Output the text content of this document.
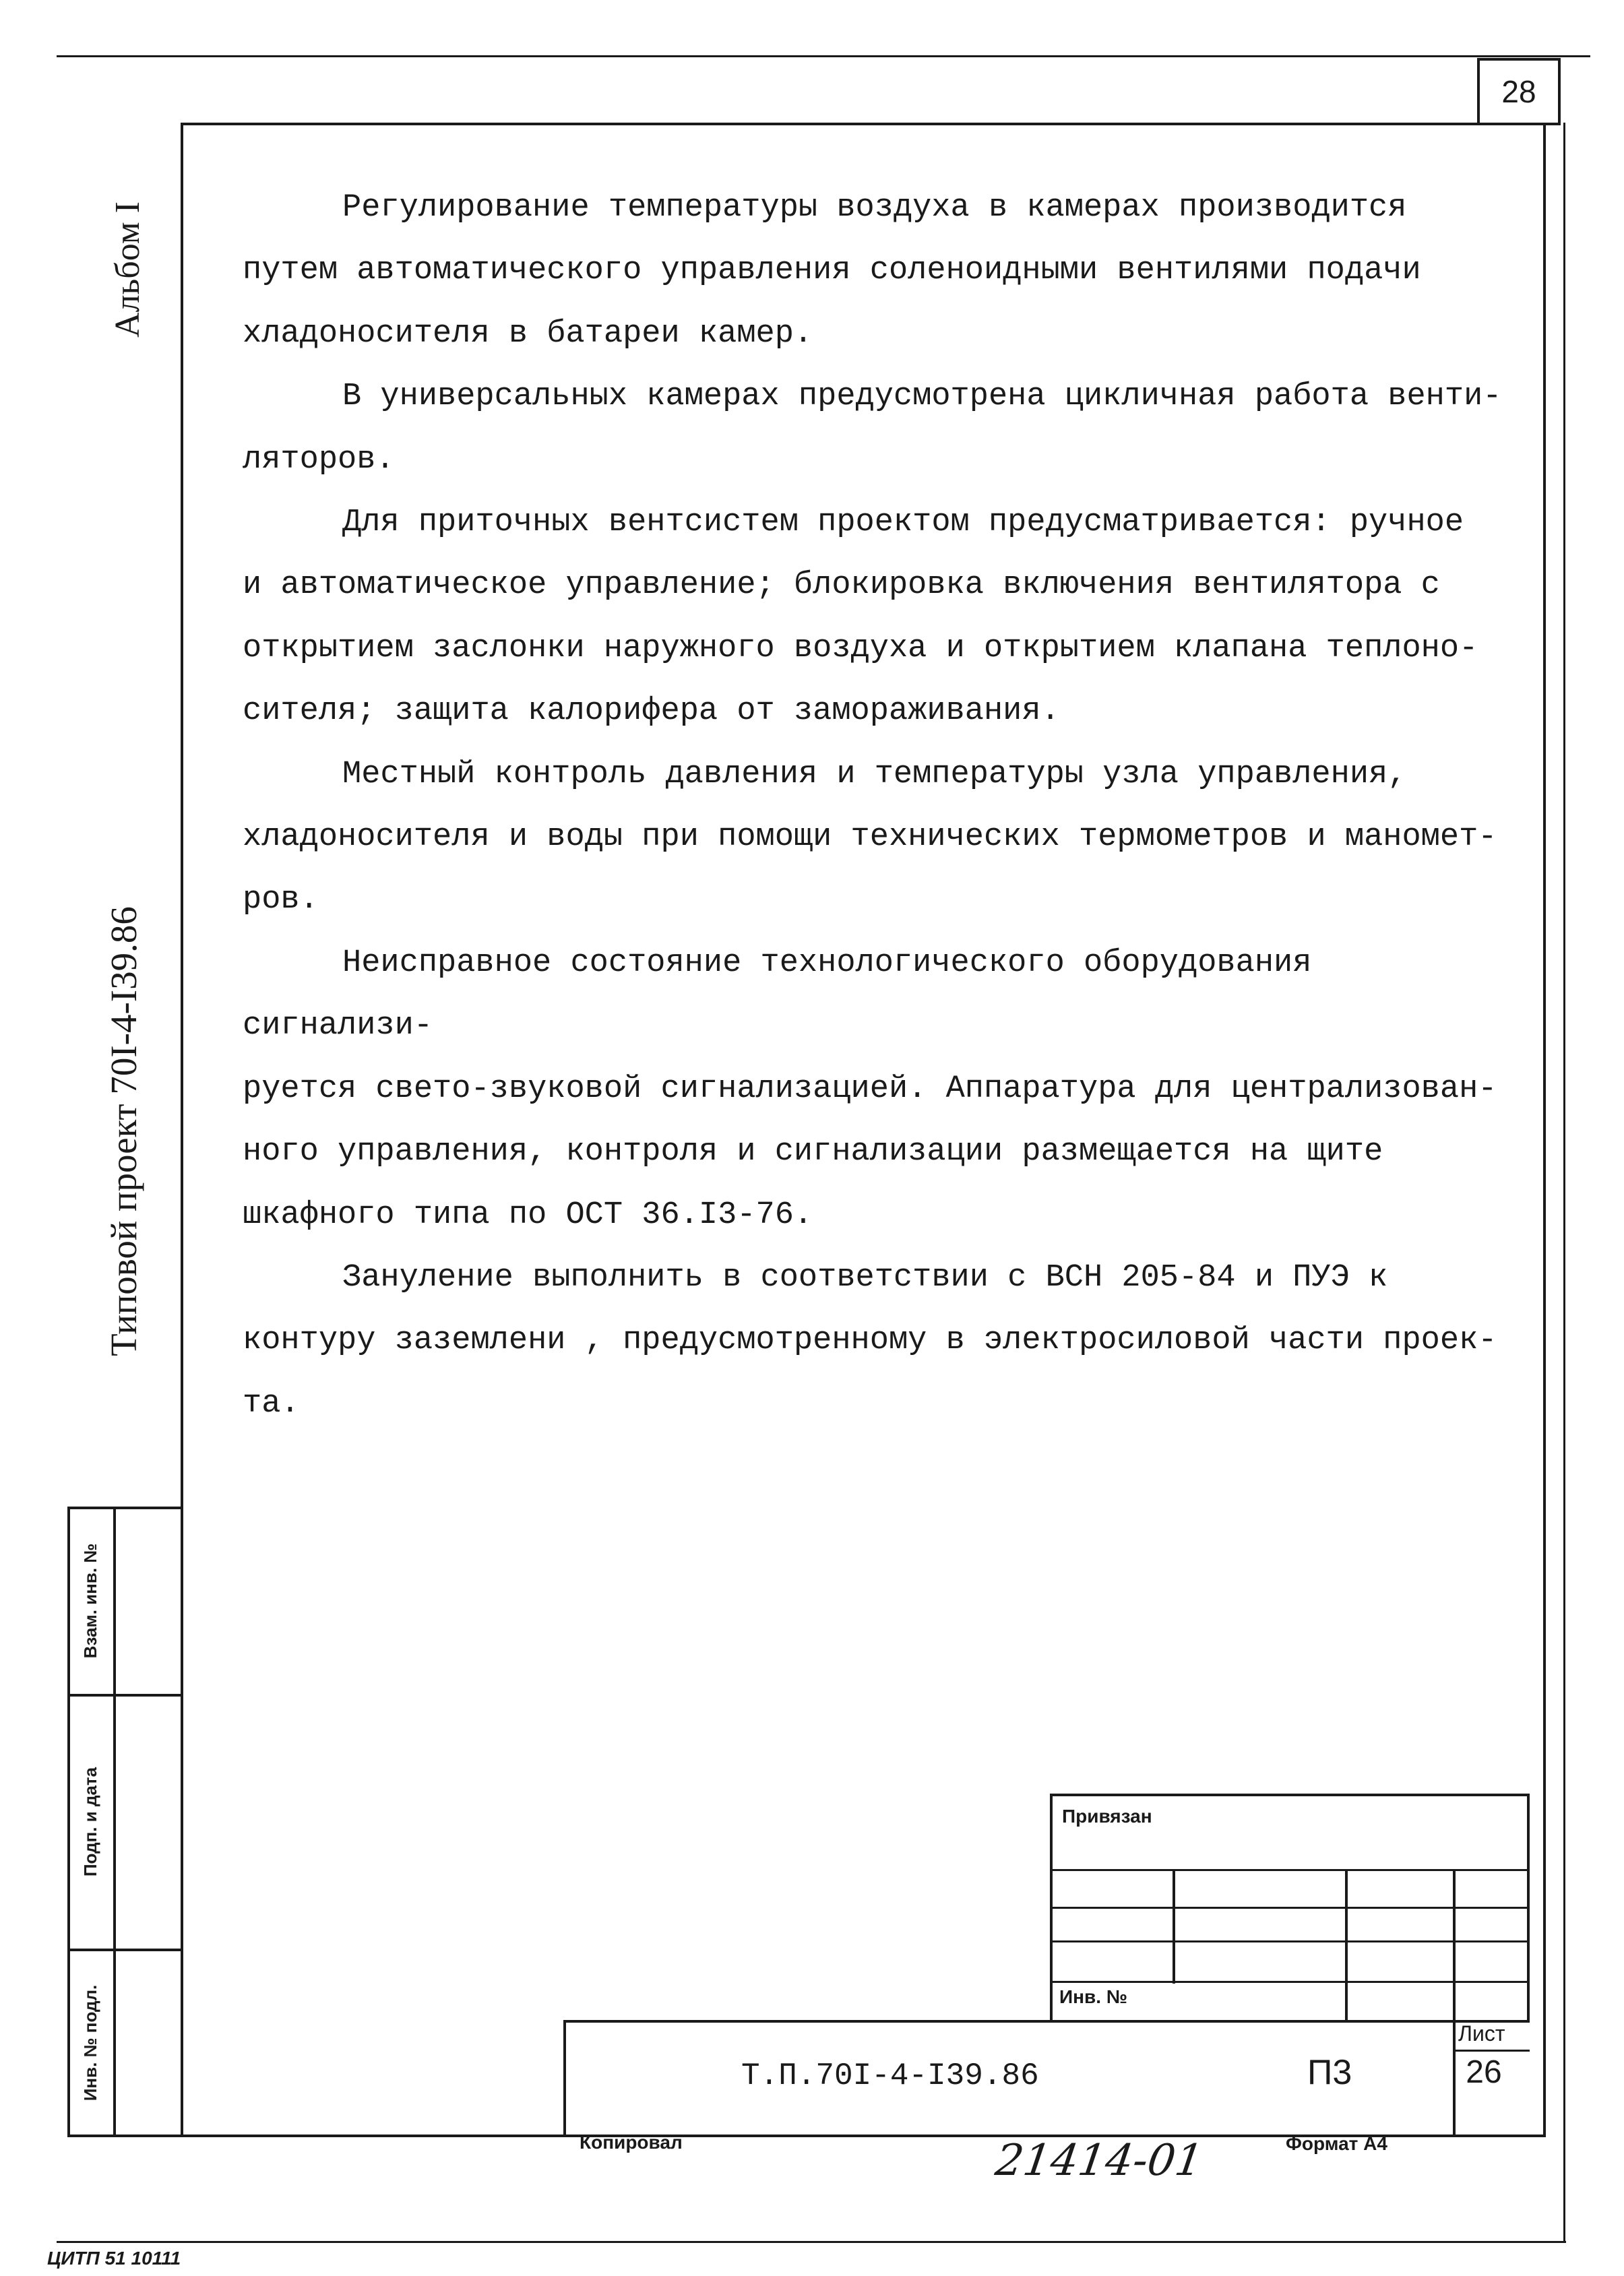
28
Альбом I
Типовой проект 70I-4-I39.86
Взам. инв. №
Подп. и дата
Инв. № подл.
Регулирование температуры воздуха в камерах производится
путем автоматического управления соленоидными вентилями подачи
хладоносителя в батареи камер.
В универсальных камерах предусмотрена цикличная работа венти-
ляторов.
Для приточных вентсистем проектом предусматривается: ручное
и автоматическое управление; блокировка включения вентилятора с
открытием заслонки наружного воздуха и открытием клапана теплоно-
сителя; защита калорифера от замораживания.
Местный контроль давления и температуры узла управления,
хладоносителя и воды при помощи технических термометров и маномет-
ров.
Неисправное состояние технологического оборудования сигнализи-
руется свето-звуковой сигнализацией. Аппаратура для централизован-
ного управления, контроля и сигнализации размещается на щите
шкафного типа по ОСТ 36.I3-76.
Зануление выполнить в соответствии с ВСН 205-84 и ПУЭ к
контуру заземлени , предусмотренному в электросиловой части проек-
та.
Привязан
Инв. №
Т.П.70I-4-I39.86	П3
Лист
26
Копировал	Формат А4
21414-01
ЦИТП 51 10111
